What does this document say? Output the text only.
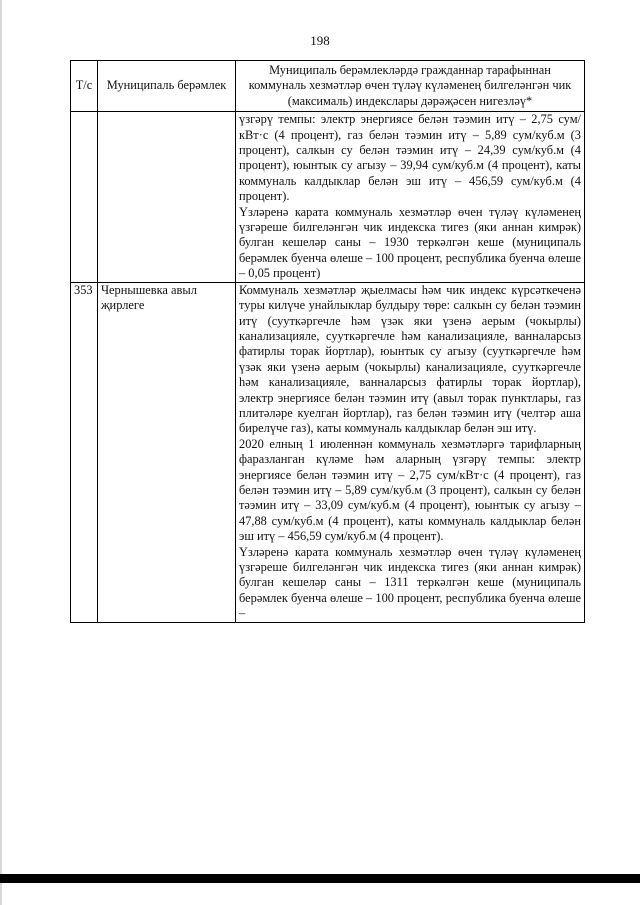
198
Т/с	Муниципаль берәмлек	Муниципаль берәмлекләрдә гражданнар тарафыннан коммуналь хезмәтләр өчен түләү күләменең билгеләнгән чик (максималь) индекслары дәрәҗәсен нигезләү*

		үзгәрү темпы: электр энергиясе белән тәэмин итү – 2,75 сум/кВт·с (4 процент), газ белән тәэмин итү – 5,89 сум/куб.м (3 процент), салкын су белән тәэмин итү – 24,39 сум/куб.м (4 процент), юынтык су агызу – 39,94 сум/куб.м (4 процент), каты коммуналь калдыклар белән эш итү – 456,59 сум/куб.м (4 процент).

Үзләренә карата коммуналь хезмәтләр өчен түләү күләменең үзгәреше билгеләнгән чик индекска тигез (яки аннан кимрәк) булган кешеләр саны – 1930 теркәлгән кеше (муниципаль берәмлек буенча өлеше – 100 процент, республика буенча өлеше – 0,05 процент)

353	Чернышевка авыл җирлеге	Коммуналь хезмәтләр җыелмасы һәм чик индекс күрсәткеченә туры килүче унайлыклар булдыру төре: салкын су белән тәэмин итү (сууткәргечле һәм үзәк яки үзенә аерым (чокырлы) канализацияле, сууткәргечле һәм канализацияле, ванналарсыз фатирлы торак йортлар), юынтык су агызу (сууткәргечле һәм үзәк яки үзенә аерым (чокырлы) канализацияле, сууткәргечле һәм канализацияле, ванналарсыз фатирлы торак йортлар), электр энергиясе белән тәэмин итү (авыл торак пунктлары, газ плитәләре куелган йортлар), газ белән тәэмин итү (челтәр аша бирелүче газ), каты коммуналь калдыклар белән эш итү.

2020 елның 1 июленнән коммуналь хезмәтләргә тарифларның фаразланган күләме һәм аларның үзгәрү темпы: электр энергиясе белән тәэмин итү – 2,75 сум/кВт·с (4 процент), газ белән тәэмин итү – 5,89 сум/куб.м (3 процент), салкын су белән тәэмин итү – 33,09 сум/куб.м (4 процент), юынтык су агызу – 47,88 сум/куб.м (4 процент), каты коммуналь калдыклар белән эш итү – 456,59 сум/куб.м (4 процент).

Үзләренә карата коммуналь хезмәтләр өчен түләү күләменең үзгәреше билгеләнгән чик индекска тигез (яки аннан кимрәк) булган кешеләр саны – 1311 теркәлгән кеше (муниципаль берәмлек буенча өлеше – 100 процент, республика буенча өлеше –
